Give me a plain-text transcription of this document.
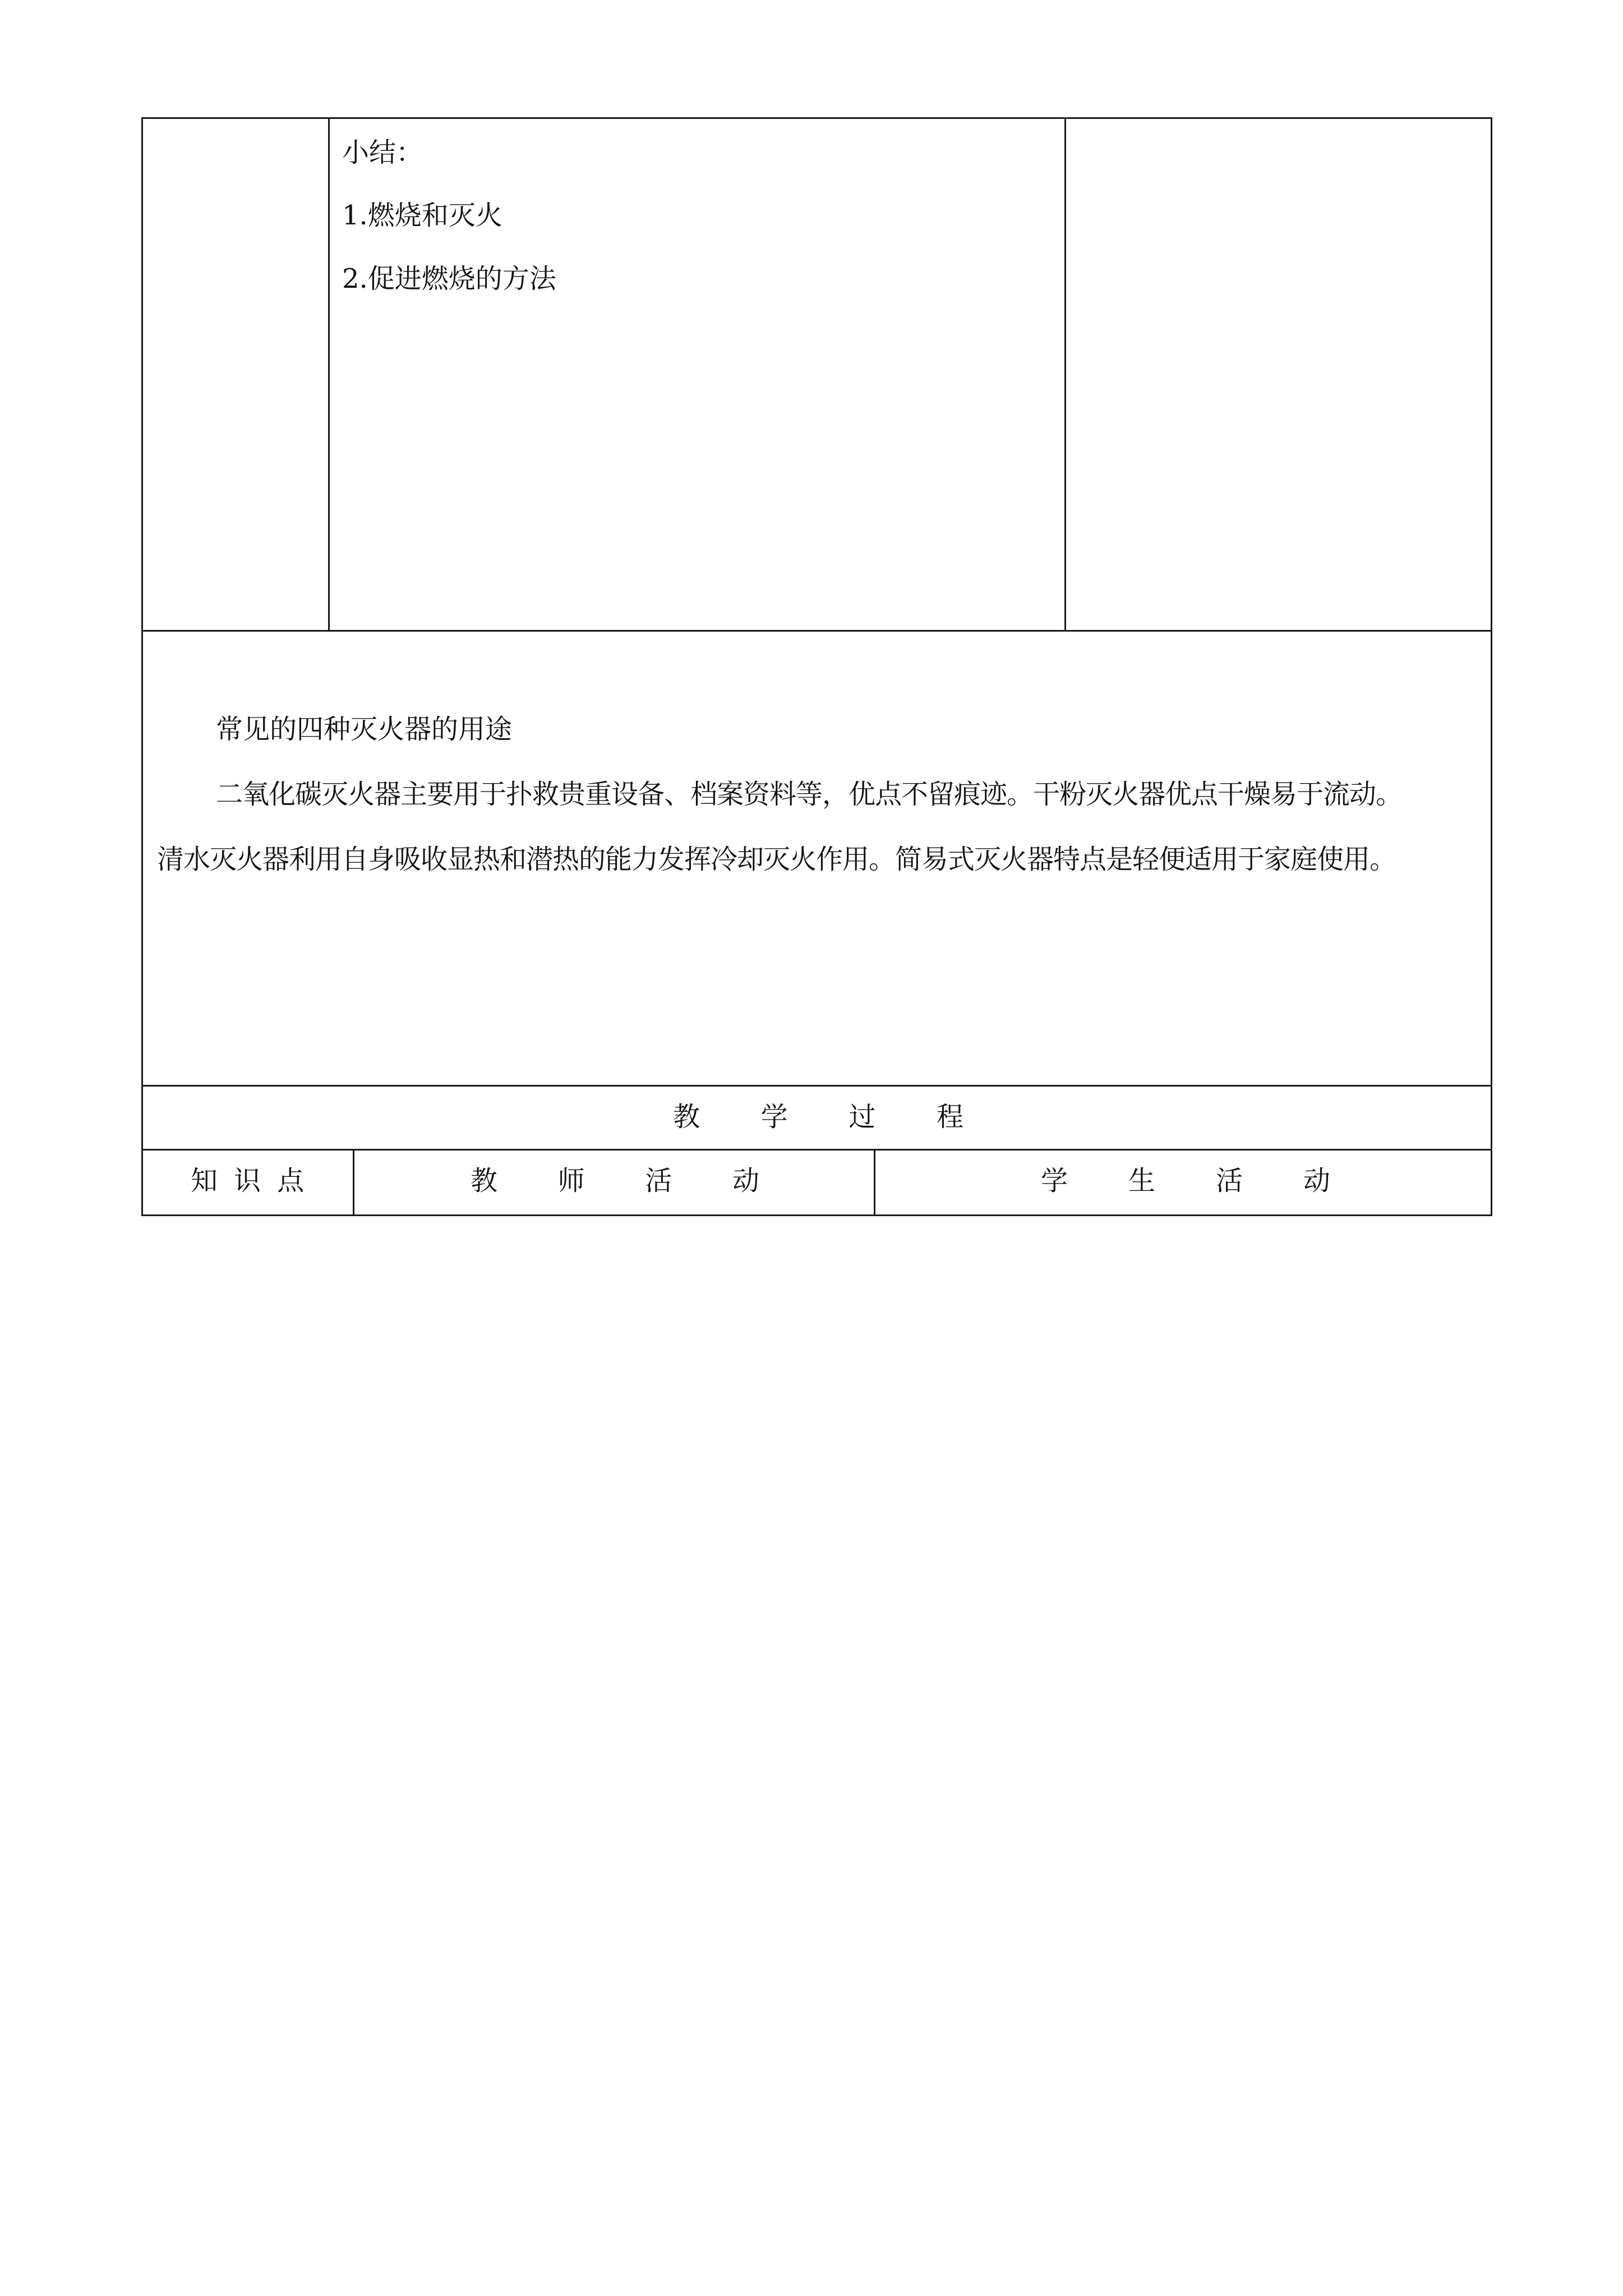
小结：
1.燃烧和灭火
2.促进燃烧的方法
常见的四种灭火器的用途
二氧化碳灭火器主要用于扑救贵重设备、档案资料等，优点不留痕迹。干粉灭火器优点干燥易于流动。
清水灭火器利用自身吸收显热和潜热的能力发挥冷却灭火作用。简易式灭火器特点是轻便适用于家庭使用。
教 学 过 程
知 识 点	教 师 活 动	学 生 活 动
